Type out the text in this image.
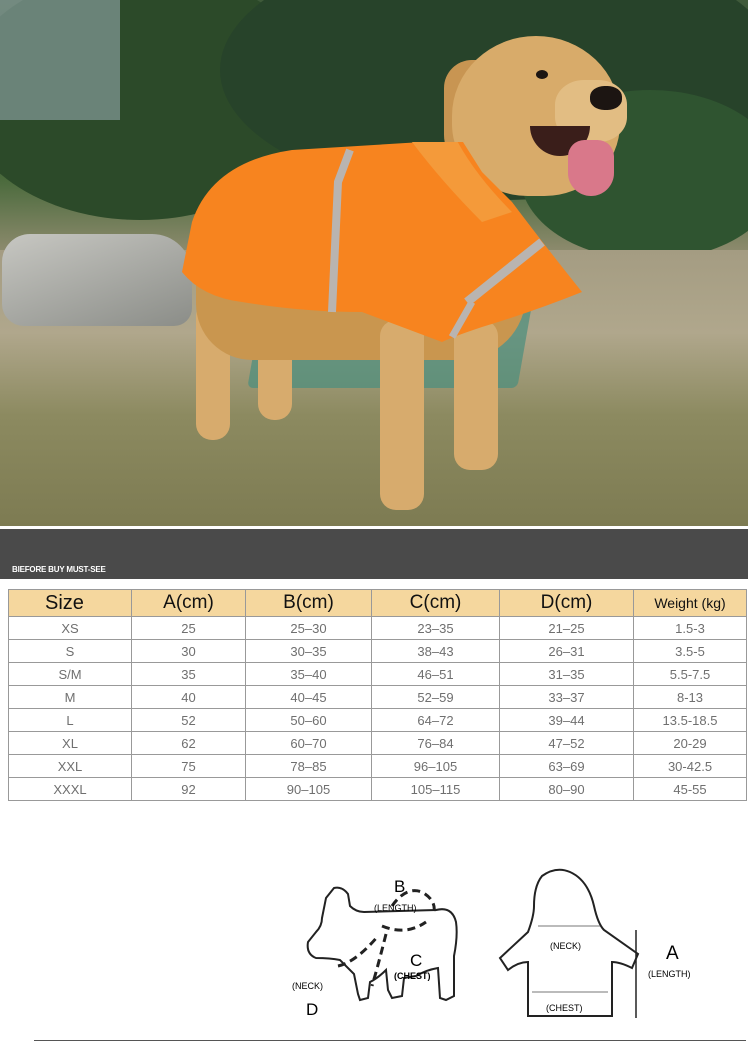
BIEFORE BUY MUST-SEE
Size	A(cm)	B(cm)	C(cm)	D(cm)	Weight (kg)
XS	25	25–30	23–35	21–25	1.5-3
S	30	30–35	38–43	26–31	3.5-5
S/M	35	35–40	46–51	31–35	5.5-7.5
M	40	40–45	52–59	33–37	8-13
L	52	50–60	64–72	39–44	13.5-18.5
XL	62	60–70	76–84	47–52	20-29
XXL	75	78–85	96–105	63–69	30-42.5
XXXL	92	90–105	105–115	80–90	45-55
B
(LENGTH)
C
(CHEST)
(NECK)
D
(NECK)
(CHEST)
A
(LENGTH)
